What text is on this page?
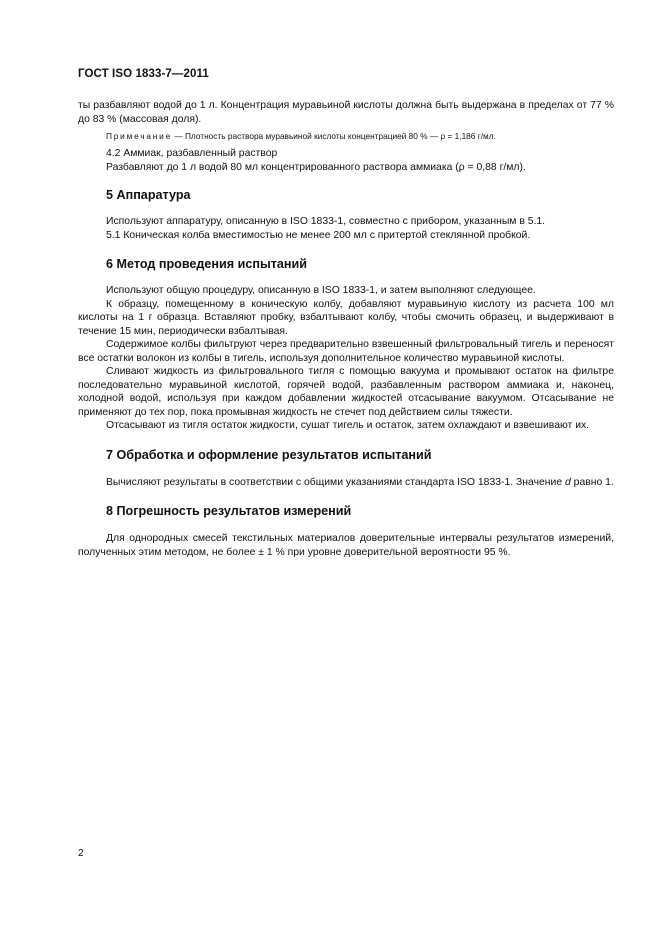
ГОСТ ISO 1833-7—2011

ты разбавляют водой до 1 л. Концентрация муравьиной кислоты должна быть выдержана в пределах от 77 % до 83 % (массовая доля).

Примечание — Плотность раствора муравьиной кислоты концентрацией 80 % — ρ = 1,186 г/мл.

4.2 Аммиак, разбавленный раствор

Разбавляют до 1 л водой 80 мл концентрированного раствора аммиака (ρ = 0,88 г/мл).

5 Аппаратура

Используют аппаратуру, описанную в ISO 1833-1, совместно с прибором, указанным в 5.1.

5.1 Коническая колба вместимостью не менее 200 мл с притертой стеклянной пробкой.

6 Метод проведения испытаний

Используют общую процедуру, описанную в ISO 1833-1, и затем выполняют следующее.

К образцу, помещенному в коническую колбу, добавляют муравьиную кислоту из расчета 100 мл кислоты на 1 г образца. Вставляют пробку, взбалтывают колбу, чтобы смочить образец, и выдерживают в течение 15 мин, периодически взбалтывая.

Содержимое колбы фильтруют через предварительно взвешенный фильтровальный тигель и переносят все остатки волокон из колбы в тигель, используя дополнительное количество муравьиной кислоты.

Сливают жидкость из фильтровального тигля с помощью вакуума и промывают остаток на фильтре последовательно муравьиной кислотой, горячей водой, разбавленным раствором аммиака и, наконец, холодной водой, используя при каждом добавлении жидкостей отсасывание вакуумом. Отсасывание не применяют до тех пор, пока промывная жидкость не стечет под действием силы тяжести.

Отсасывают из тигля остаток жидкости, сушат тигель и остаток, затем охлаждают и взвешивают их.

7 Обработка и оформление результатов испытаний

Вычисляют результаты в соответствии с общими указаниями стандарта ISO 1833-1. Значение d равно 1.

8 Погрешность результатов измерений

Для однородных смесей текстильных материалов доверительные интервалы результатов измерений, полученных этим методом, не более ± 1 % при уровне доверительной вероятности 95 %.

2
